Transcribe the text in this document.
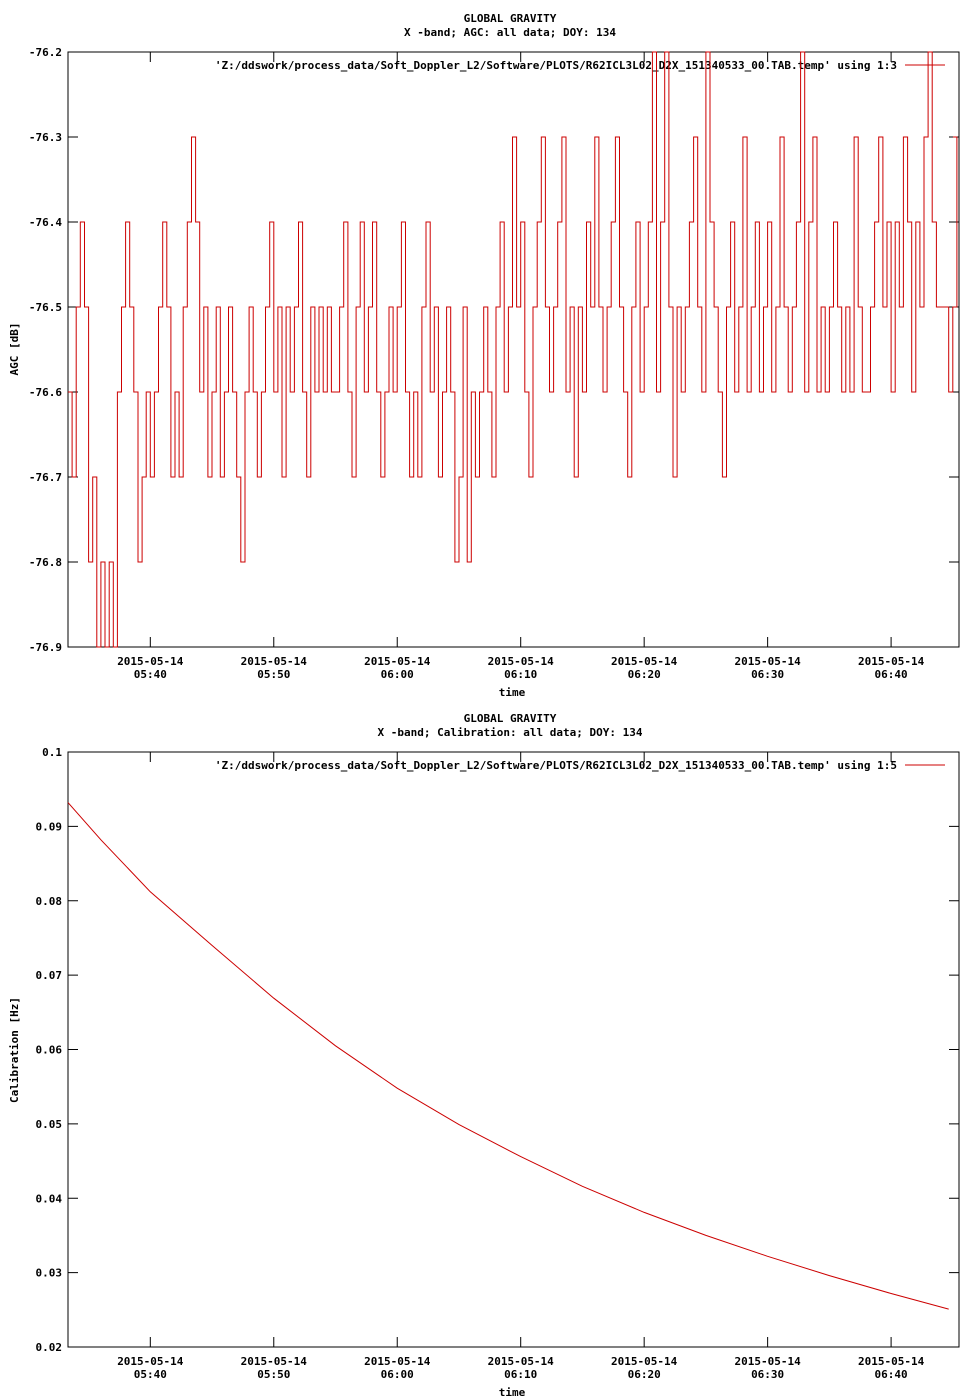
GLOBAL GRAVITY
X -band; AGC: all data; DOY: 134
-76.2
-76.3
-76.4
-76.5
-76.6
-76.7
-76.8
-76.9
2015-05-14
05:40
2015-05-14
05:50
2015-05-14
06:00
2015-05-14
06:10
2015-05-14
06:20
2015-05-14
06:30
2015-05-14
06:40
AGC [dB]
time
'Z:/ddswork/process_data/Soft_Doppler_L2/Software/PLOTS/R62ICL3L02_D2X_151340533_00.TAB.temp' using 1:3
GLOBAL GRAVITY
X -band; Calibration: all data; DOY: 134
0.1
0.09
0.08
0.07
0.06
0.05
0.04
0.03
0.02
2015-05-14
05:40
2015-05-14
05:50
2015-05-14
06:00
2015-05-14
06:10
2015-05-14
06:20
2015-05-14
06:30
2015-05-14
06:40
Calibration [Hz]
time
'Z:/ddswork/process_data/Soft_Doppler_L2/Software/PLOTS/R62ICL3L02_D2X_151340533_00.TAB.temp' using 1:5
